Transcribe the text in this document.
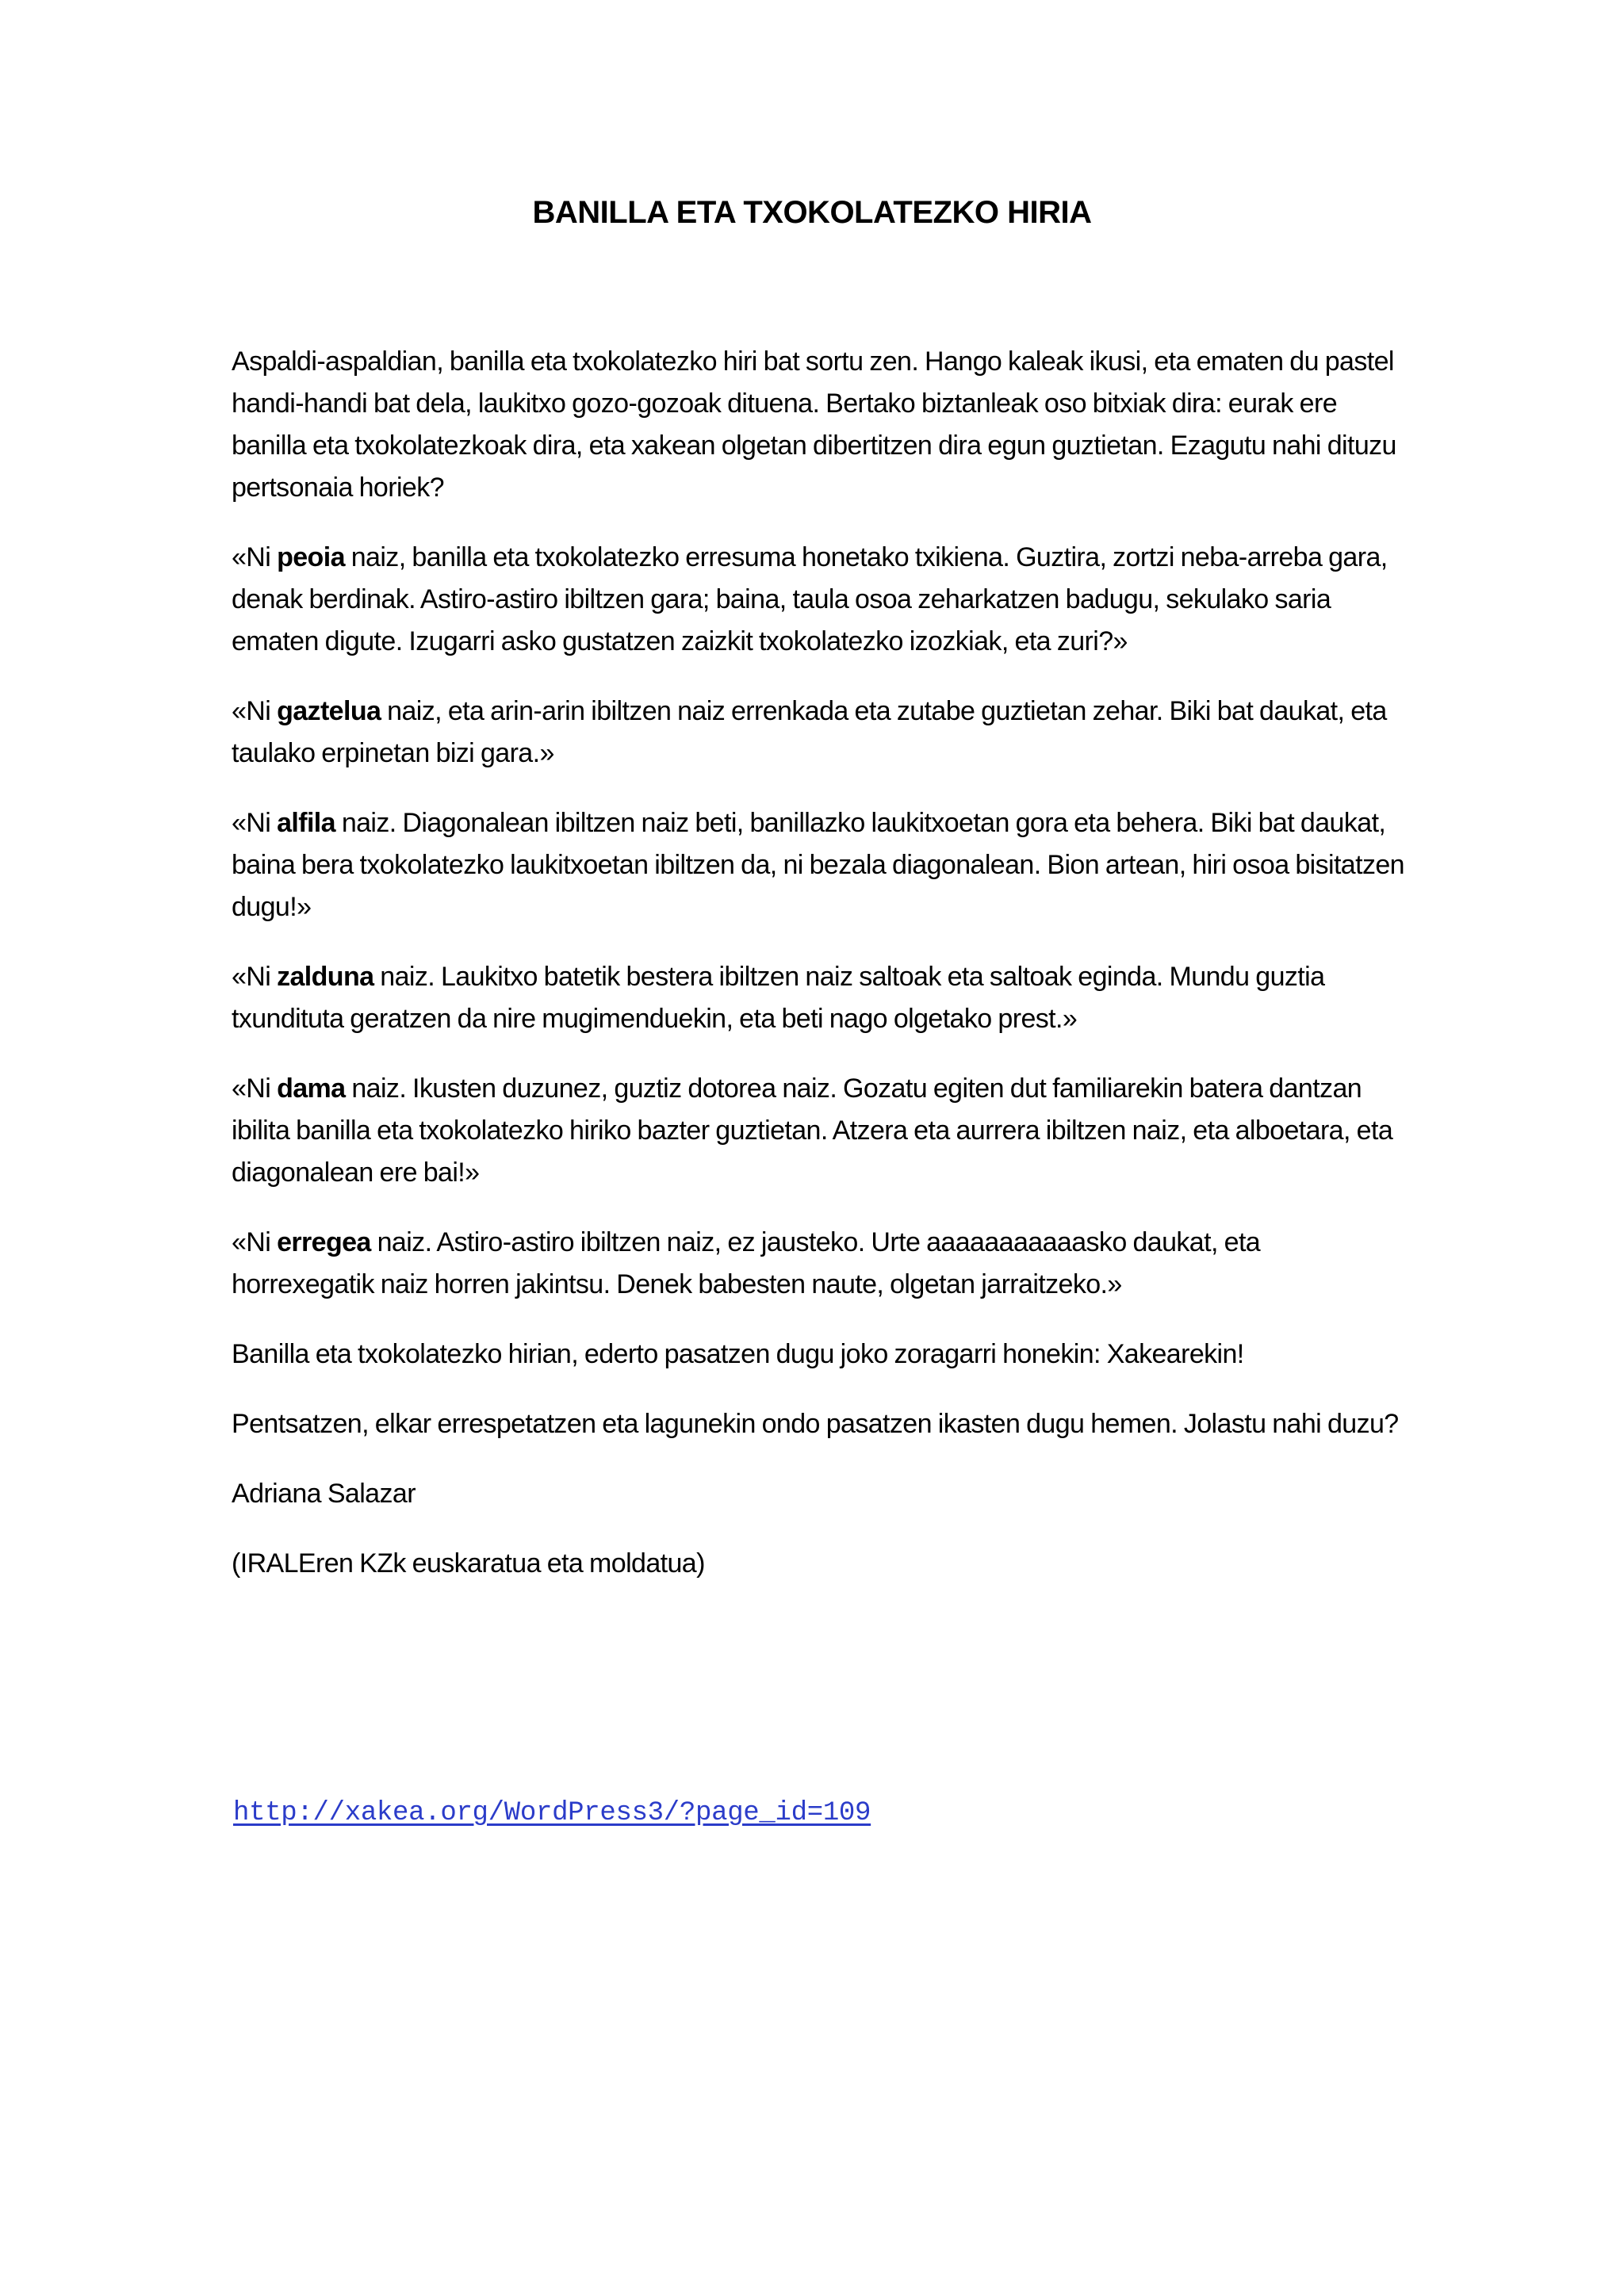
BANILLA ETA TXOKOLATEZKO HIRIA

Aspaldi-aspaldian, banilla eta txokolatezko hiri bat sortu zen. Hango kaleak ikusi, eta ematen du pastel handi-handi bat dela, laukitxo gozo-gozoak dituena. Bertako biztanleak oso bitxiak dira: eurak ere banilla eta txokolatezkoak dira, eta xakean olgetan dibertitzen dira egun guztietan. Ezagutu nahi dituzu pertsonaia horiek?

«Ni peoia naiz, banilla eta txokolatezko erresuma honetako txikiena. Guztira, zortzi neba-arreba gara, denak berdinak. Astiro-astiro ibiltzen gara; baina, taula osoa zeharkatzen badugu, sekulako saria ematen digute. Izugarri asko gustatzen zaizkit txokolatezko izozkiak, eta zuri?»

«Ni gaztelua naiz, eta arin-arin ibiltzen naiz errenkada eta zutabe guztietan zehar. Biki bat daukat, eta taulako erpinetan bizi gara.»

«Ni alfila naiz. Diagonalean ibiltzen naiz beti, banillazko laukitxoetan gora eta behera. Biki bat daukat, baina bera txokolatezko laukitxoetan ibiltzen da, ni bezala diagonalean. Bion artean, hiri osoa bisitatzen dugu!»

«Ni zalduna naiz. Laukitxo batetik bestera ibiltzen naiz saltoak eta saltoak eginda. Mundu guztia txundituta geratzen da nire mugimenduekin, eta beti nago olgetako prest.»

«Ni dama naiz. Ikusten duzunez, guztiz dotorea naiz. Gozatu egiten dut familiarekin batera dantzan ibilita banilla eta txokolatezko hiriko bazter guztietan. Atzera eta aurrera ibiltzen naiz, eta alboetara, eta diagonalean ere bai!»

«Ni erregea naiz. Astiro-astiro ibiltzen naiz, ez jausteko. Urte aaaaaaaaaaasko daukat, eta horrexegatik naiz horren jakintsu. Denek babesten naute, olgetan jarraitzeko.»

Banilla eta txokolatezko hirian, ederto pasatzen dugu joko zoragarri honekin: Xakearekin!

Pentsatzen, elkar errespetatzen eta lagunekin ondo pasatzen ikasten dugu hemen. Jolastu nahi duzu?

Adriana Salazar

(IRALEren KZk euskaratua eta moldatua)

http://xakea.org/WordPress3/?page_id=109
